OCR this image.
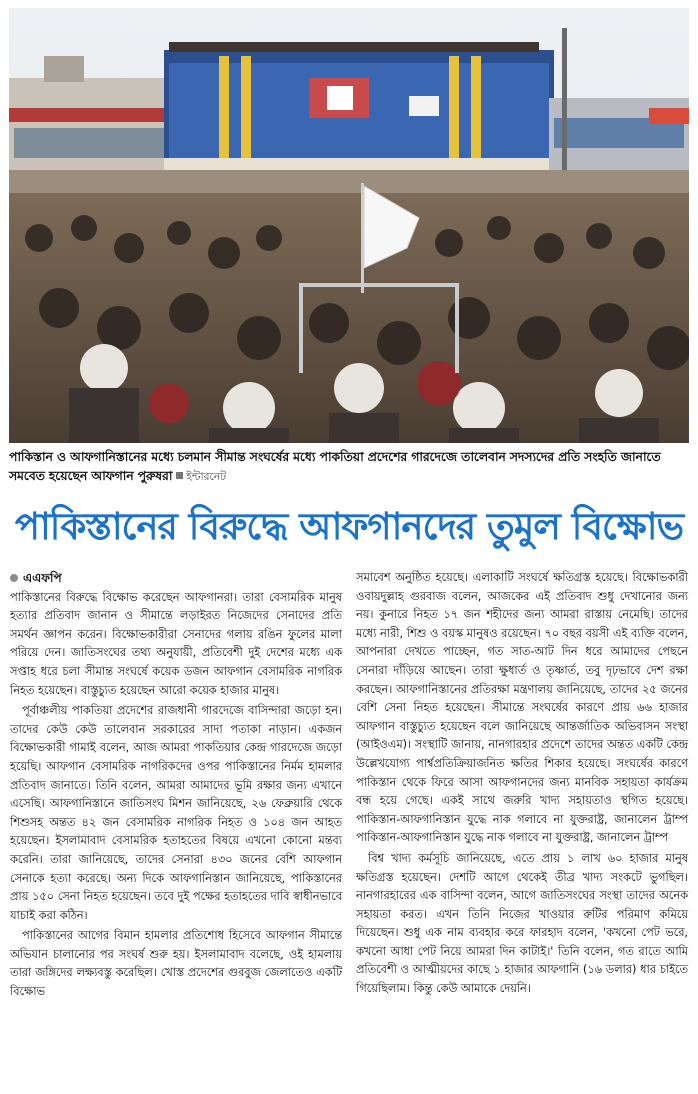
পাকিস্তান ও আফগানিস্তানের মধ্যে চলমান সীমান্ত সংঘর্ষের মধ্যে পাকতিয়া প্রদেশের গারদেজে তালেবান সদস্যদের প্রতি সংহতি জানাতে সমবেত হয়েছেন আফগান পুরুষরা ইন্টারনেট
পাকিস্তানের বিরুদ্ধে আফগানদের তুমুল বিক্ষোভ
এএফপি

পাকিস্তানের বিরুদ্ধে বিক্ষোভ করেছেন আফগানরা। তারা বেসামরিক মানুষ হত্যার প্রতিবাদ জানান ও সীমান্তে লড়াইরত নিজেদের সেনাদের প্রতি সমর্থন জ্ঞাপন করেন। বিক্ষোভকারীরা সেনাদের গলায় রঙিন ফুলের মালা পরিয়ে দেন। জাতিসংঘের তথ্য অনুযায়ী, প্রতিবেশী দুই দেশের মধ্যে এক সপ্তাহ ধরে চলা সীমান্ত সংঘর্ষে কয়েক ডজন আফগান বেসামরিক নাগরিক নিহত হয়েছেন। বাস্তুচ্যুত হয়েছেন আরো কয়েক হাজার মানুষ।

পূর্বাঞ্চলীয় পাকতিয়া প্রদেশের রাজধানী গারদেজে বাসিন্দারা জড়ো হন। তাদের কেউ কেউ তালেবান সরকারের সাদা পতাকা নাড়ান। একজন বিক্ষোভকারী গামাই বলেন, আজ আমরা পাকতিয়ার কেন্দ্র গারদেজে জড়ো হয়েছি। আফগান বেসামরিক নাগরিকদের ওপর পাকিস্তানের নির্মম হামলার প্রতিবাদ জানাতে। তিনি বলেন, আমরা আমাদের ভূমি রক্ষার জন্য এখানে এসেছি। আফগানিস্তানে জাতিসংঘ মিশন জানিয়েছে, ২৬ ফেব্রুয়ারি থেকে শিশুসহ অন্তত ৪২ জন বেসামরিক নাগরিক নিহত ও ১০৪ জন আহত হয়েছেন। ইসলামাবাদ বেসামরিক হতাহতের বিষয়ে এখনো কোনো মন্তব্য করেনি। তারা জানিয়েছে, তাদের সেনারা ৪৩০ জনের বেশি আফগান সেনাকে হত্যা করেছে। অন্য দিকে আফগানিস্তান জানিয়েছে, পাকিস্তানের প্রায় ১৫০ সেনা নিহত হয়েছেন। তবে দুই পক্ষের হতাহতের দাবি স্বাধীনভাবে যাচাই করা কঠিন।

পাকিস্তানের আগের বিমান হামলার প্রতিশোধ হিসেবে আফগান সীমান্তে অভিযান চালানোর পর সংঘর্ষ শুরু হয়। ইসলামাবাদ বলেছে, ওই হামলায় তারা জঙ্গিদের লক্ষ্যবস্তু করেছিল। খোস্ত প্রদেশের গুরবুজ জেলাতেও একটি বিক্ষোভ

সমাবেশ অনুষ্ঠিত হয়েছে। এলাকাটি সংঘর্ষে ক্ষতিগ্রস্ত হয়েছে। বিক্ষোভকারী ওবায়দুল্লাহ গুরবাজ বলেন, আজকের এই প্রতিবাদ শুধু দেখানোর জন্য নয়। কুনারে নিহত ১৭ জন শহীদের জন্য আমরা রাস্তায় নেমেছি। তাদের মধ্যে নারী, শিশু ও বয়স্ক মানুষও রয়েছেন। ৭০ বছর বয়সী এই ব্যক্তি বলেন, আপনারা দেখতে পাচ্ছেন, গত সাত-আট দিন ধরে আমাদের পেছনে সেনারা দাঁড়িয়ে আছেন। তারা ক্ষুধার্ত ও তৃষ্ণার্ত, তবু দৃঢ়ভাবে দেশ রক্ষা করছেন। আফগানিস্তানের প্রতিরক্ষা মন্ত্রণালয় জানিয়েছে, তাদের ২৫ জনের বেশি সেনা নিহত হয়েছেন। সীমান্তে সংঘর্ষের কারণে প্রায় ৬৬ হাজার আফগান বাস্তুচ্যুত হয়েছেন বলে জানিয়েছে আন্তর্জাতিক অভিবাসন সংস্থা (আইওএম)। সংস্থাটি জানায়, নানগারহার প্রদেশে তাদের অন্তত একটি কেন্দ্র উল্লেখযোগ্য পার্শ্বপ্রতিক্রিয়াজনিত ক্ষতির শিকার হয়েছে। সংঘর্ষের কারণে পাকিস্তান থেকে ফিরে আসা আফগানদের জন্য মানবিক সহায়তা কার্যক্রম বন্ধ হয়ে গেছে। একই সাথে জরুরি খাদ্য সহায়তাও স্থগিত হয়েছে। পাকিস্তান-আফগানিস্তান যুদ্ধে নাক গলাবে না যুক্তরাষ্ট্র, জানালেন ট্রাম্প পাকিস্তান-আফগানিস্তান যুদ্ধে নাক গলাবে না যুক্তরাষ্ট্র, জানালেন ট্রাম্প

বিশ্ব খাদ্য কর্মসূচি জানিয়েছে, এতে প্রায় ১ লাখ ৬০ হাজার মানুষ ক্ষতিগ্রস্ত হয়েছেন। দেশটি আগে থেকেই তীব্র খাদ্য সংকটে ভুগছিল। নানগারহারের এক বাসিন্দা বলেন, আগে জাতিসংঘের সংস্থা তাদের অনেক সহায়তা করত। এখন তিনি নিজের খাওয়ার রুটির পরিমাণ কমিয়ে দিয়েছেন। শুধু এক নাম ব্যবহার করে ফারহাদ বলেন, 'কখনো পেট ভরে, কখনো আধা পেট নিয়ে আমরা দিন কাটাই।' তিনি বলেন, গত রাতে আমি প্রতিবেশী ও আত্মীয়দের কাছে ১ হাজার আফগানি (১৬ ডলার) ধার চাইতে গিয়েছিলাম। কিন্তু কেউ আমাকে দেয়নি।
